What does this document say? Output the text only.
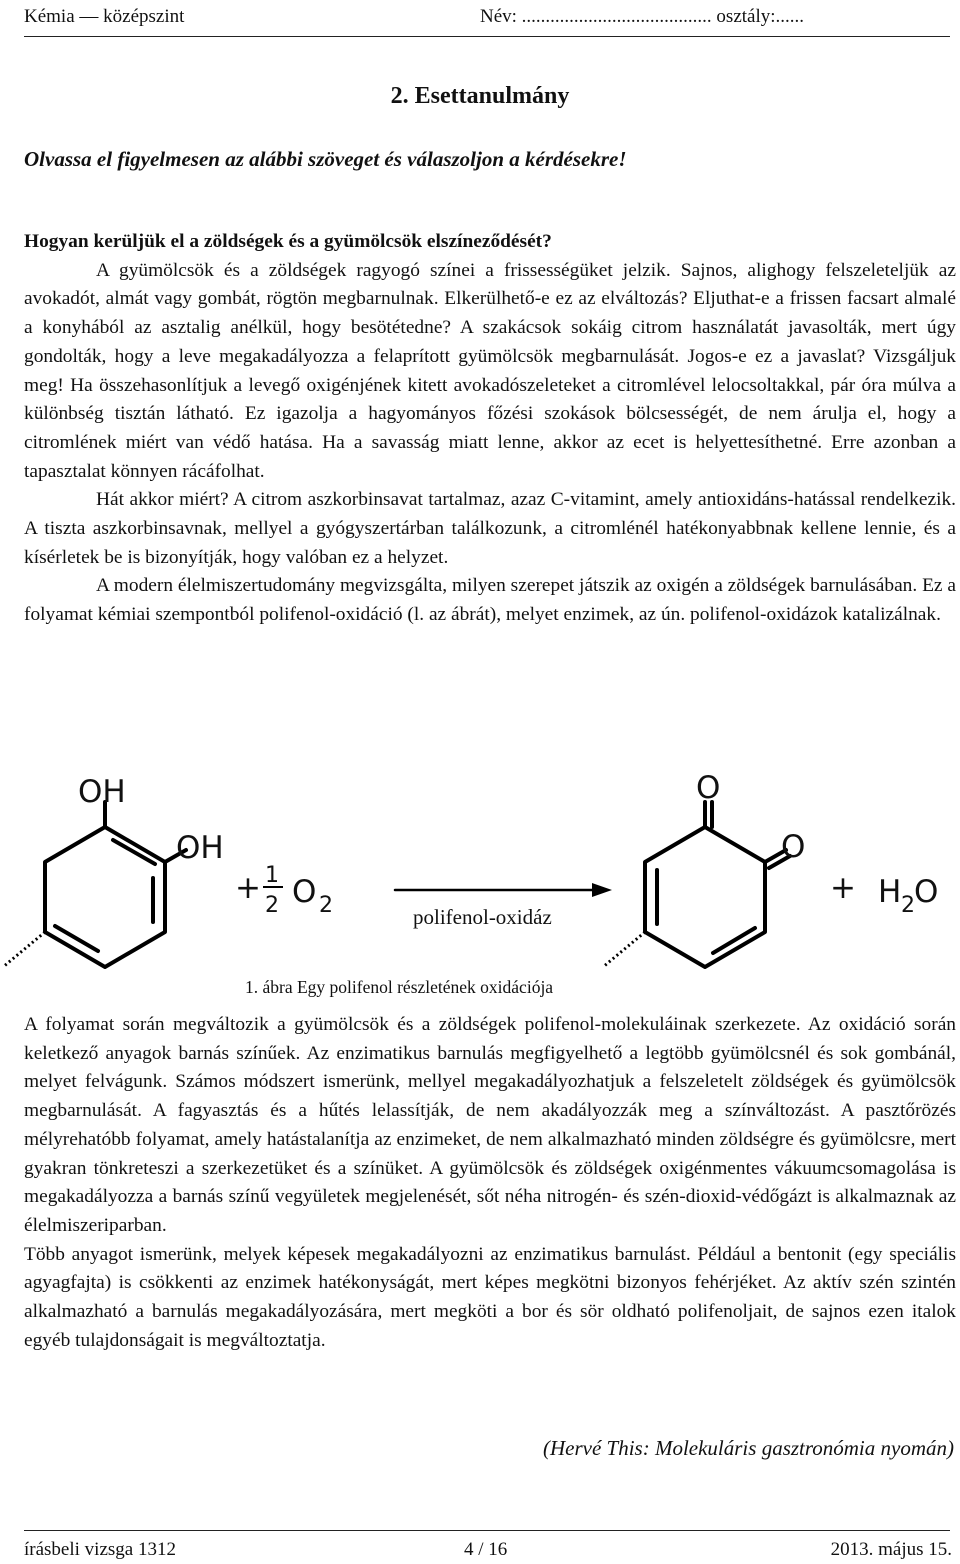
Kémia — középszint	Név: ........................................ osztály:......
2. Esettanulmány
Olvassa el figyelmesen az alábbi szöveget és válaszoljon a kérdésekre!

Hogyan kerüljük el a zöldségek és a gyümölcsök elszíneződését?

A gyümölcsök és a zöldségek ragyogó színei a frissességüket jelzik. Sajnos, alighogy felszeleteljük az avokadót, almát vagy gombát, rögtön megbarnulnak. Elkerülhető-e ez az elváltozás? Eljuthat-e a frissen facsart almalé a konyhából az asztalig anélkül, hogy besötétedne? A szakácsok sokáig citrom használatát javasolták, mert úgy gondolták, hogy a leve megakadályozza a felaprított gyümölcsök megbarnulását. Jogos-e ez a javaslat? Vizsgáljuk meg! Ha összehasonlítjuk a levegő oxigénjének kitett avokadószeleteket a citromlével lelocsoltakkal, pár óra múlva a különbség tisztán látható. Ez igazolja a hagyományos főzési szokások bölcsességét, de nem árulja el, hogy a citromlének miért van védő hatása. Ha a savasság miatt lenne, akkor az ecet is helyettesíthetné. Erre azonban a tapasztalat könnyen rácáfolhat.

Hát akkor miért? A citrom aszkorbinsavat tartalmaz, azaz C-vitamint, amely antioxidáns-hatással rendelkezik. A tiszta aszkorbinsavnak, mellyel a gyógyszertárban találkozunk, a citromlénél hatékonyabbnak kellene lennie, és a kísérletek be is bizonyítják, hogy valóban ez a helyzet.

A modern élelmiszertudomány megvizsgálta, milyen szerepet játszik az oxigén a zöldségek barnulásában. Ez a folyamat kémiai szempontból polifenol-oxidáció (l. az ábrát), melyet enzimek, az ún. polifenol-oxidázok katalizálnak.

OH
OH
+ 1
2 O 2
O
O
+ H 2 O
polifenol-oxidáz
1. ábra Egy polifenol részletének oxidációja

A folyamat során megváltozik a gyümölcsök és a zöldségek polifenol-molekuláinak szerkezete. Az oxidáció során keletkező anyagok barnás színűek. Az enzimatikus barnulás megfigyelhető a legtöbb gyümölcsnél és sok gombánál, melyet felvágunk. Számos módszert ismerünk, mellyel megakadályozhatjuk a felszeletelt zöldségek és gyümölcsök megbarnulását. A fagyasztás és a hűtés lelassítják, de nem akadályozzák meg a színváltozást. A pasztőrözés mélyrehatóbb folyamat, amely hatástalanítja az enzimeket, de nem alkalmazható minden zöldségre és gyümölcsre, mert gyakran tönkreteszi a szerkezetüket és a színüket. A gyümölcsök és zöldségek oxigénmentes vákuumcsomagolása is megakadályozza a barnás színű vegyületek megjelenését, sőt néha nitrogén- és szén-dioxid-védőgázt is alkalmaznak az élelmiszeriparban.

Több anyagot ismerünk, melyek képesek megakadályozni az enzimatikus barnulást. Például a bentonit (egy speciális agyagfajta) is csökkenti az enzimek hatékonyságát, mert képes megkötni bizonyos fehérjéket. Az aktív szén szintén alkalmazható a barnulás megakadályozására, mert megköti a bor és sör oldható polifenoljait, de sajnos ezen italok egyéb tulajdonságait is megváltoztatja.

(Hervé This: Molekuláris gasztronómia nyomán)
írásbeli vizsga 1312	4 / 16	2013. május 15.
